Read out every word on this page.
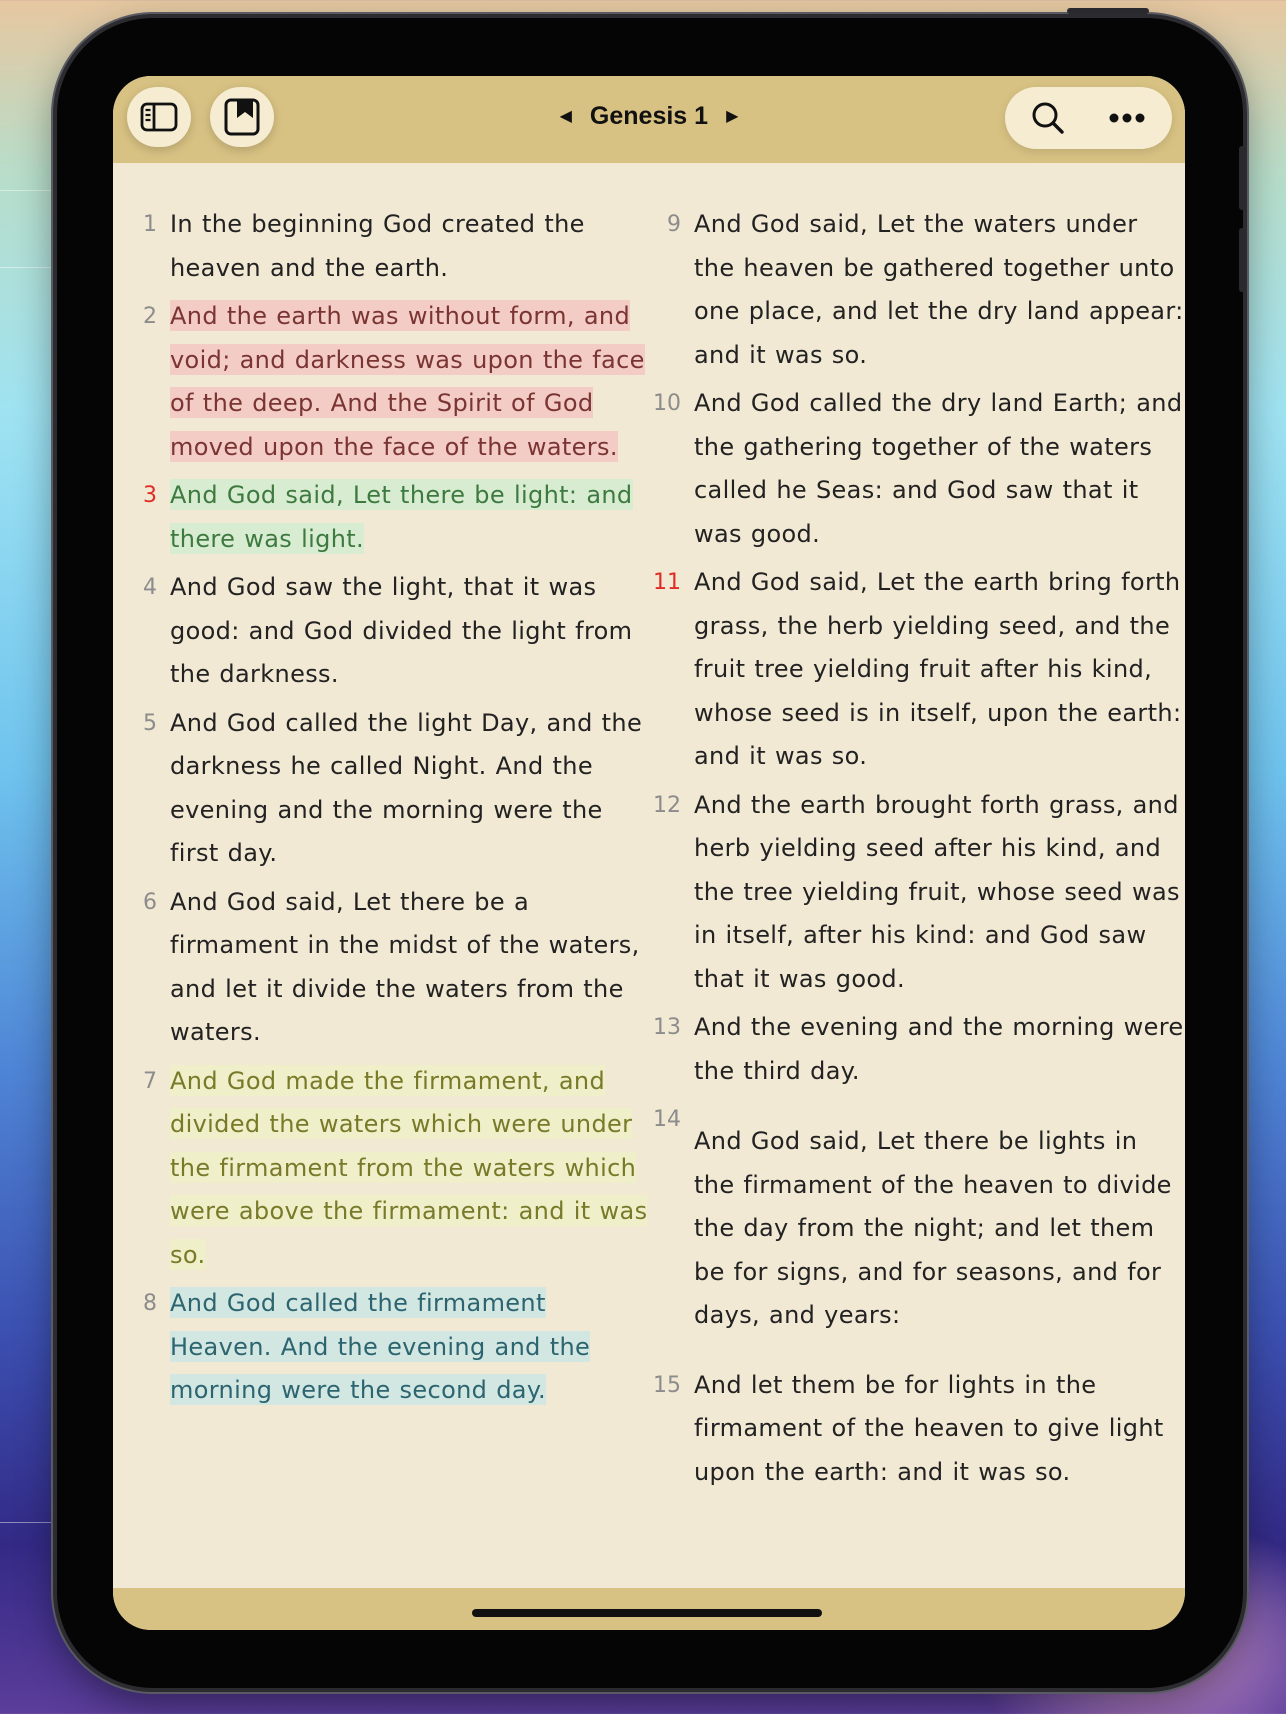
◀ Genesis 1 ▶
1 In the beginning God created the heaven and the earth.
2 And the earth was without form, and void; and darkness was upon the face of the deep. And the Spirit of God moved upon the face of the waters.
3 And God said, Let there be light: and there was light.
4 And God saw the light, that it was good: and God divided the light from the darkness.
5 And God called the light Day, and the darkness he called Night. And the evening and the morning were the first day.
6 And God said, Let there be a firmament in the midst of the waters, and let it divide the waters from the waters.
7 And God made the firmament, and divided the waters which were under the firmament from the waters which were above the firmament: and it was so.
8 And God called the firmament Heaven. And the evening and the morning were the second day.
9 And God said, Let the waters under the heaven be gathered together unto one place, and let the dry land appear: and it was so.
10 And God called the dry land Earth; and the gathering together of the waters called he Seas: and God saw that it was good.
11 And God said, Let the earth bring forth grass, the herb yielding seed, and the fruit tree yielding fruit after his kind, whose seed is in itself, upon the earth: and it was so.
12 And the earth brought forth grass, and herb yielding seed after his kind, and the tree yielding fruit, whose seed was in itself, after his kind: and God saw that it was good.
13 And the evening and the morning were the third day.
14
And God said, Let there be lights in the firmament of the heaven to divide the day from the night; and let them be for signs, and for seasons, and for days, and years:
15 And let them be for lights in the firmament of the heaven to give light upon the earth: and it was so.
